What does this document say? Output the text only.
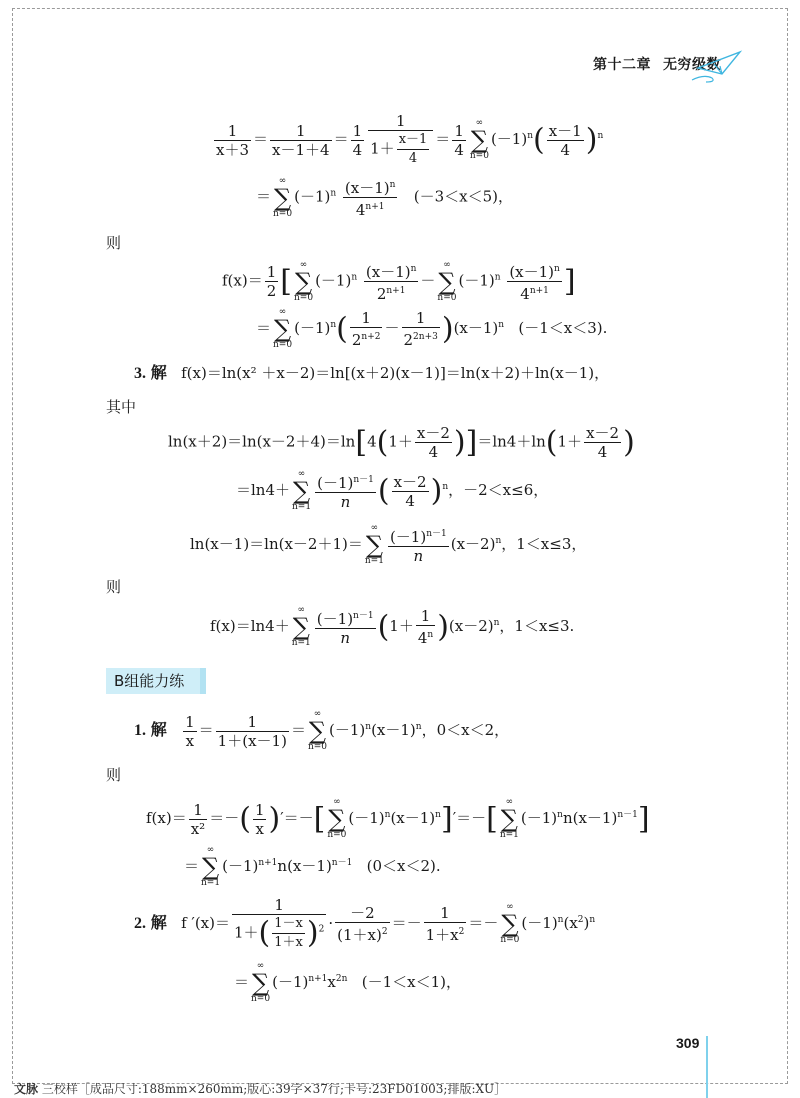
第十二章 无穷级数
$\frac{1}{x+3} = \frac{1}{x-1+4} = \frac{1}{4} \frac{1}{1+ \frac{x-1}{4}} = \frac{1}{4}$	∞
∑
n=0
$(-1)^n( \frac{x-1}{4} )^n$
＝
∞
∑
n=0
$(-1)^n \frac{(x-1)^n}{4^{n+1}} (-3<x<5)$，
则
$f(x)= \frac{1}{2}$ [ ∞
∑
n=0
$(-1)^n \frac{(x-1)^n}{2^{n+1}}$ －
∞
∑
n=0
$(-1)^n \frac{(x-1)^n}{4^{n+1}}$ ]
＝
∞
∑
n=0
$(-1)^n( \frac{1}{2^{n+2}} - \frac{1}{2^{2n+3}} )(x-1)^n$ (－1＜x＜3).
3. 解 f(x)＝ln(x² ＋x－2)＝ln[(x＋2)(x－1)]＝ln(x＋2)＋ln(x－1)，
其中
$\ln(x+2)=\ln(x-2+4)=\ln[4(1+ \frac{x-2}{4} )]=\ln 4+\ln(1+ \frac{x-2}{4}$ )
＝ln4＋
∞
∑
$n=1 \frac{(-1)^{n-1}}{n}$ ( $\frac{x-2}{4} )^n$，－2＜x≤6，
ln(x－1)＝ln(x－2＋1)＝
∞
∑
$n=1 \frac{(-1)^{n-1}}{n} (x-2)^n$，1＜x≤3，
则
f(x)＝ln4＋
∞
∑
$n=1 \frac{(-1)^{n-1}}{n} (1+ \frac{1}{4^n} )(x-2)^n$，1＜x≤3.
B组能力练
1. 解 $\frac{1}{x} = \frac{1}{1+(x-1)}$ ＝
∞
∑
n=0
$(-1)^n(x-1)^n$，0＜x＜2，
则
$f(x)= \frac{1}{\text{x²}}$ ＝－( $\frac{1}{x}$ )′＝－[ ∞
∑
n=0
$(-1)^n(x-1)^n]'=-$[ ∞
∑
n=1
$(-1)^nn(x-1)^{n-1}$]
＝
∞
∑
n=1
$(-1)^{n+1}n(x-1)^{n-1}$ (0＜x＜2).
2. 解 f $'(x)= \frac{1}{1+( \frac{1-x}{1+x} )^2} \cdot \frac{-2}{(1+x)^2} =- \frac{1}{1+x^2}$ ＝－
∞
∑
n=0
$(-1)^n(x^2)^n$
＝
∞
∑
n=0
$(-1)^{n+1}x^{2n}$ (－1＜x＜1)，
309
文脉 三校样［成品尺寸:188mm×260mm;版心:39字×37行;卡号:23FD01003;排版:XU］
